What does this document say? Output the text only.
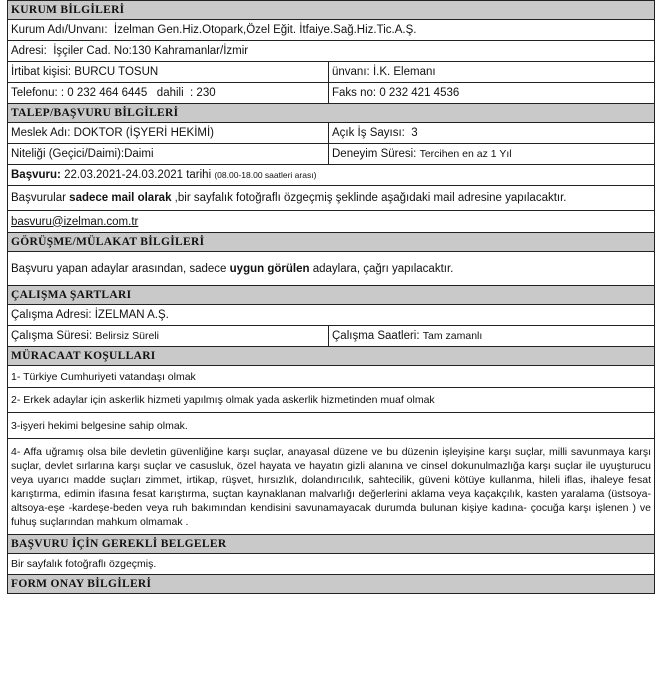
KURUM BİLGİLERİ	
Kurum Adı/Unvanı: İzelman Gen.Hiz.Otopark,Özel Eğit. İtfaiye.Sağ.Hiz.Tic.A.Ş.	
Adresi: İşçiler Cad. No:130 Kahramanlar/İzmir	
İrtibat kişisi: BURCU TOSUN	ünvanı: İ.K. Elemanı
Telefonu: : 0 232 464 6445   dahili  : 230	Faks no: 0 232 421 4536
TALEP/BAŞVURU BİLGİLERİ	
Meslek Adı: DOKTOR (İŞYERİ HEKİMİ)	Açık İş Sayısı: 3
Niteliği (Geçici/Daimi):Daimi	Deneyim Süresi: Tercihen en az 1 Yıl
Başvuru: 22.03.2021-24.03.2021 tarihi (08.00-18.00 saatleri arası)	
Başvurular sadece mail olarak ,bir sayfalık fotoğraflı özgeçmiş şeklinde aşağıdaki mail adresine yapılacaktır.	
basvuru@izelman.com.tr	
GÖRÜŞME/MÜLAKAT BİLGİLERİ	
Başvuru yapan adaylar arasından, sadece uygun görülen adaylara, çağrı yapılacaktır.	
ÇALIŞMA ŞARTLARI	
Çalışma Adresi: İZELMAN A.Ş.	
Çalışma Süresi: Belirsiz Süreli	Çalışma Saatleri: Tam zamanlı
MÜRACAAT KOŞULLARI	
1- Türkiye Cumhuriyeti vatandaşı olmak	
2- Erkek adaylar için askerlik hizmeti yapılmış olmak yada askerlik hizmetinden muaf olmak	
3-işyeri hekimi belgesine sahip olmak.	
4- Affa uğramış olsa bile devletin güvenliğine karşı suçlar, anayasal düzene ve bu düzenin işleyişine karşı suçlar, milli savunmaya karşı suçlar, devlet sırlarına karşı suçlar ve casusluk, özel hayata ve hayatın gizli alanına ve cinsel dokunulmazlığa karşı suçlar ile uyuşturucu veya uyarıcı madde suçları zimmet, irtikap, rüşvet, hırsızlık, dolandırıcılık, sahtecilik, güveni kötüye kullanma, hileli iflas, ihaleye fesat karıştırma, edimin ifasına fesat karıştırma, suçtan kaynaklanan malvarlığı değerlerini aklama veya kaçakçılık, kasten yaralama (üstsoya-altsoya-eşe -kardeşe-beden veya ruh bakımından kendisini savunamayacak durumda bulunan kişiye kadına- çocuğa karşı işlenen ) ve fuhuş suçlarından mahkum olmamak .	
BAŞVURU İÇİN GEREKLİ BELGELER	
Bir sayfalık fotoğraflı özgeçmiş.	
FORM ONAY BİLGİLERİ	
